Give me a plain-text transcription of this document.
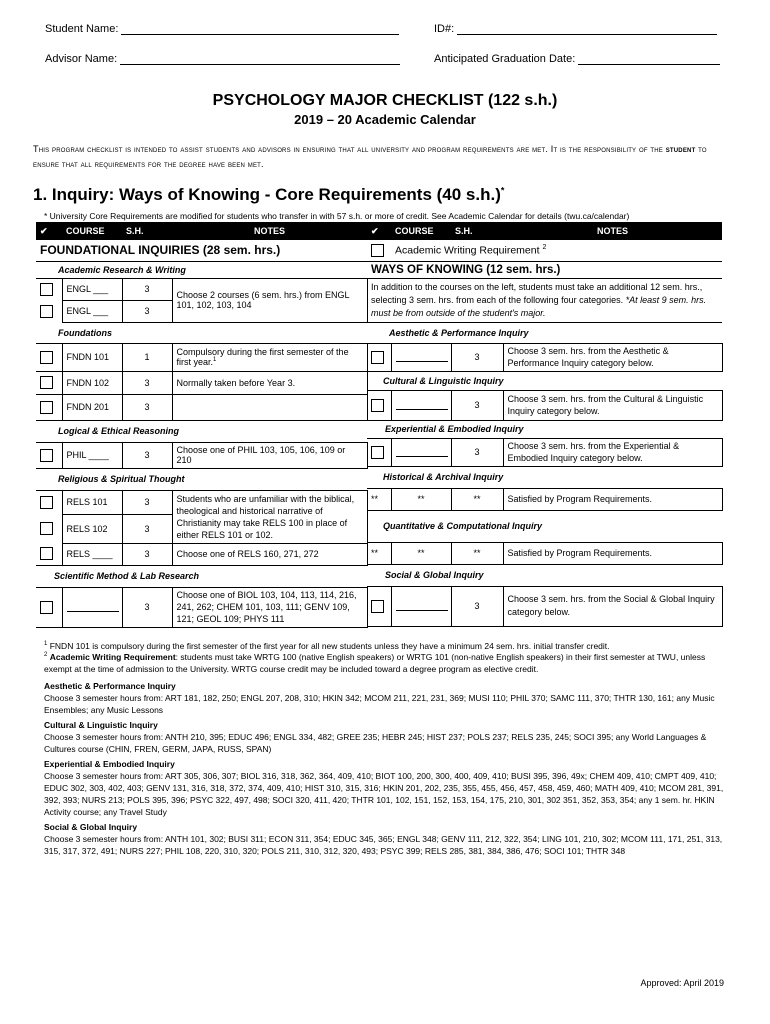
Student Name:	ID#:
Advisor Name:	Anticipated Graduation Date:
PSYCHOLOGY MAJOR CHECKLIST (122 s.h.)
2019 – 20 Academic Calendar
This program checklist is intended to assist students and advisors in ensuring that all university and program requirements are met. It is the responsibility of the student to ensure that all requirements for the degree have been met.
1. Inquiry: Ways of Knowing - Core Requirements (40 s.h.)*
* University Core Requirements are modified for students who transfer in with 57 s.h. or more of credit. See Academic Calendar for details (twu.ca/calendar)
✔	COURSE	S.H.	NOTES
FOUNDATIONAL INQUIRIES (28 sem. hrs.)			
Academic Research & Writing			
	ENGL ___	3	Choose 2 courses (6 sem. hrs.) from ENGL 101, 102, 103, 104
	ENGL ___	3	
Foundations			
	FNDN 101	1	Compulsory during the first semester of the first year.$^1$
	FNDN 102	3	Normally taken before Year 3.
	FNDN 201	3	
Logical & Ethical Reasoning			
	PHIL ____	3	Choose one of PHIL 103, 105, 106, 109 or 210
Religious & Spiritual Thought			
	RELS 101	3	Students who are unfamiliar with the biblical, theological and historical narrative of Christianity may take RELS 100 in place of either RELS 101 or 102.
	RELS 102	3	
	RELS ____	3	Choose one of RELS 160, 271, 272
Scientific Method & Lab Research			
		3	Choose one of BIOL 103, 104, 113, 114, 216, 241, 262; CHEM 101, 103, 111; GENV 109, 121; GEOL 109; PHYS 111
✔	COURSE	S.H.	NOTES
	Academic Writing Requirement $^2$
WAYS OF KNOWING (12 sem. hrs.)			
In addition to the courses on the left, students must take an additional 12 sem. hrs., selecting 3 sem. hrs. from each of the following four categories. *At least 9 sem. hrs. must be from outside of the student's major.			
Aesthetic & Performance Inquiry			
		3	Choose 3 sem. hrs. from the Aesthetic & Performance Inquiry category below.
Cultural & Linguistic Inquiry			
		3	Choose 3 sem. hrs. from the Cultural & Linguistic Inquiry category below.
Experiential & Embodied Inquiry			
		3	Choose 3 sem. hrs. from the Experiential & Embodied Inquiry category below.
Historical & Archival Inquiry			
**	**	**	Satisfied by Program Requirements.
Quantitative & Computational Inquiry			
**	**	**	Satisfied by Program Requirements.
Social & Global Inquiry			
		3	Choose 3 sem. hrs. from the Social & Global Inquiry category below.
$^1$ FNDN 101 is compulsory during the first semester of the first year for all new students unless they have a minimum 24 sem. hrs. initial transfer credit.
$^2$ Academic Writing Requirement: students must take WRTG 100 (native English speakers) or WRTG 101 (non-native English speakers) in their first semester at TWU, unless exempt at the time of admission to the University. WRTG course credit may be included toward a degree program as elective credit.
Aesthetic & Performance Inquiry
Choose 3 semester hours from: ART 181, 182, 250; ENGL 207, 208, 310; HKIN 342; MCOM 211, 221, 231, 369; MUSI 110; PHIL 370; SAMC 111, 370; THTR 130, 161; any Music Ensembles; any Music Lessons
Cultural & Linguistic Inquiry
Choose 3 semester hours from: ANTH 210, 395; EDUC 496; ENGL 334, 482; GREE 235; HEBR 245; HIST 237; POLS 237; RELS 235, 245; SOCI 395; any World Languages & Cultures course (CHIN, FREN, GERM, JAPA, RUSS, SPAN)
Experiential & Embodied Inquiry
Choose 3 semester hours from: ART 305, 306, 307; BIOL 316, 318, 362, 364, 409, 410; BIOT 100, 200, 300, 400, 409, 410; BUSI 395, 396, 49x; CHEM 409, 410; CMPT 409, 410; EDUC 302, 303, 402, 403; GENV 131, 316, 318, 372, 374, 409, 410; HIST 310, 315, 316; HKIN 201, 202, 235, 355, 455, 456, 457, 458, 459, 460; MATH 409, 410; MCOM 281, 391, 392, 393; NURS 213; POLS 395, 396; PSYC 322, 497, 498; SOCI 320, 411, 420; THTR 101, 102, 151, 152, 153, 154, 175, 210, 301, 302 351, 352, 353, 354; any 1 sem. hr. HKIN Activity course; any Travel Study
Social & Global Inquiry
Choose 3 semester hours from: ANTH 101, 302; BUSI 311; ECON 311, 354; EDUC 345, 365; ENGL 348; GENV 111, 212, 322, 354; LING 101, 210, 302; MCOM 111, 171, 251, 313, 315, 317, 372, 491; NURS 227; PHIL 108, 220, 310, 320; POLS 211, 310, 312, 320, 493; PSYC 399; RELS 285, 381, 384, 386, 476; SOCI 101; THTR 348
Approved: April 2019
